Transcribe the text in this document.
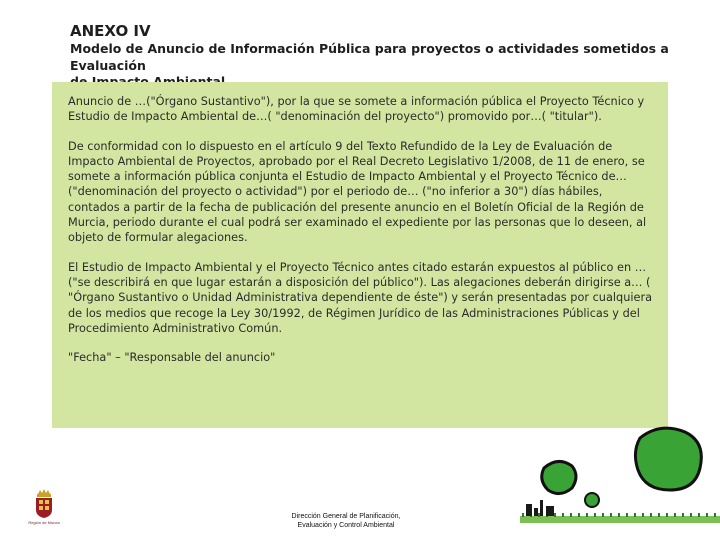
ANEXO IV
Modelo de Anuncio de Información Pública para proyectos o actividades sometidos a Evaluación

Anuncio de …("Órgano Sustantivo"), por la que se somete a información pública el Proyecto Técnico y Estudio de Impacto Ambiental de…( "denominación del proyecto") promovido por…( "titular").

De conformidad con lo dispuesto en el artículo 9 del Texto Refundido de la Ley de Evaluación de Impacto Ambiental de Proyectos, aprobado por el Real Decreto Legislativo 1/2008, de 11 de enero, se somete a información pública conjunta el Estudio de Impacto Ambiental y el Proyecto Técnico de… ("denominación del proyecto o actividad") por el periodo de… ("no inferior a 30") días hábiles, contados a partir de la fecha de publicación del presente anuncio en el Boletín Oficial de la Región de Murcia, periodo durante el cual podrá ser examinado el expediente por las personas que lo deseen, al objeto de formular alegaciones.

El Estudio de Impacto Ambiental y el Proyecto Técnico antes citado estarán expuestos al público en …("se describirá en que lugar estarán a disposición del público"). Las alegaciones deberán dirigirse a… ( "Órgano Sustantivo o Unidad Administrativa dependiente de éste") y serán presentadas por cualquiera de los medios que recoge la Ley 30/1992, de Régimen Jurídico de las Administraciones Públicas y del Procedimiento Administrativo Común.

"Fecha" – "Responsable del anuncio"

Región de Murcia
Dirección General de Planificación,
Evaluación y Control Ambiental
